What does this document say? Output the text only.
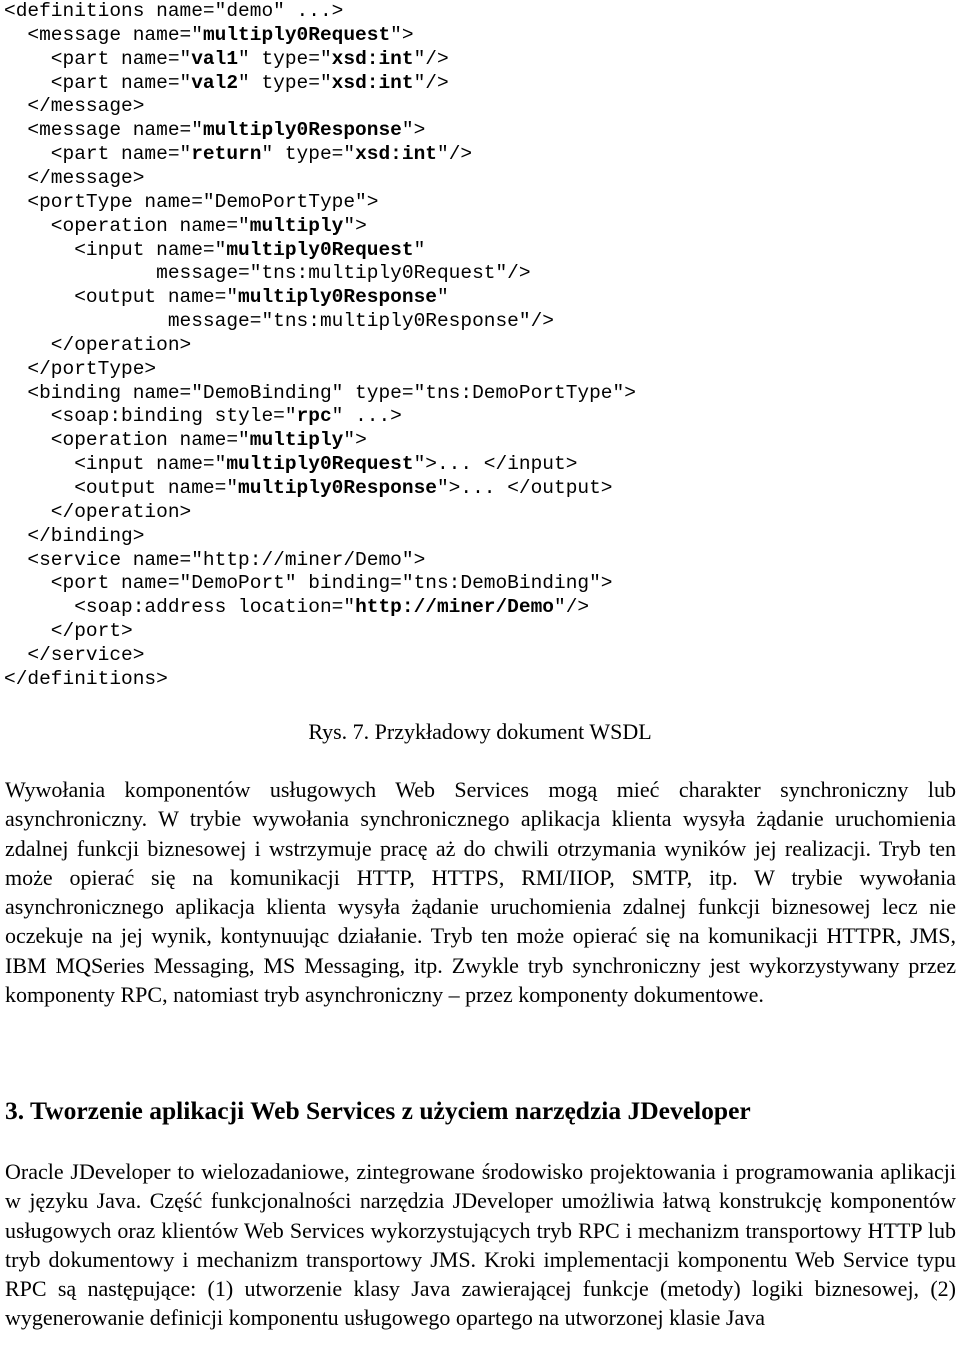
<definitions name="demo" ...>
<message name="multiply0Request">
<part name="val1" type="xsd:int"/>
<part name="val2" type="xsd:int"/>
</message>
<message name="multiply0Response">
<part name="return" type="xsd:int"/>
</message>
<portType name="DemoPortType">
<operation name="multiply">
<input name="multiply0Request"
message="tns:multiply0Request"/>
<output name="multiply0Response"
message="tns:multiply0Response"/>
</operation>
</portType>
<binding name="DemoBinding" type="tns:DemoPortType">
<soap:binding style="rpc" ...>
<operation name="multiply">
<input name="multiply0Request">... </input>
<output name="multiply0Response">... </output>
</operation>
</binding>
<service name="http://miner/Demo">
<port name="DemoPort" binding="tns:DemoBinding">
<soap:address location="http://miner/Demo"/>
</port>
</service>
</definitions>
Rys. 7. Przykładowy dokument WSDL

Wywołania komponentów usługowych Web Services mogą mieć charakter synchroniczny lub asynchroniczny. W trybie wywołania synchronicznego aplikacja klienta wysyła żądanie uruchomienia zdalnej funkcji biznesowej i wstrzymuje pracę aż do chwili otrzymania wyników jej realizacji. Tryb ten może opierać się na komunikacji HTTP, HTTPS, RMI/IIOP, SMTP, itp. W trybie wywołania asynchronicznego aplikacja klienta wysyła żądanie uruchomienia zdalnej funkcji biznesowej lecz nie oczekuje na jej wynik, kontynuując działanie. Tryb ten może opierać się na komunikacji HTTPR, JMS, IBM MQSeries Messaging, MS Messaging, itp. Zwykle tryb synchroniczny jest wykorzystywany przez komponenty RPC, natomiast tryb asynchroniczny – przez komponenty dokumentowe.

3. Tworzenie aplikacji Web Services z użyciem narzędzia JDeveloper

Oracle JDeveloper to wielozadaniowe, zintegrowane środowisko projektowania i programowania aplikacji w języku Java. Część funkcjonalności narzędzia JDeveloper umożliwia łatwą konstrukcję komponentów usługowych oraz klientów Web Services wykorzystujących tryb RPC i mechanizm transportowy HTTP lub tryb dokumentowy i mechanizm transportowy JMS. Kroki implementacji komponentu Web Service typu RPC są następujące: (1) utworzenie klasy Java zawierającej funkcje (metody) logiki biznesowej, (2) wygenerowanie definicji komponentu usługowego opartego na utworzonej klasie Java
